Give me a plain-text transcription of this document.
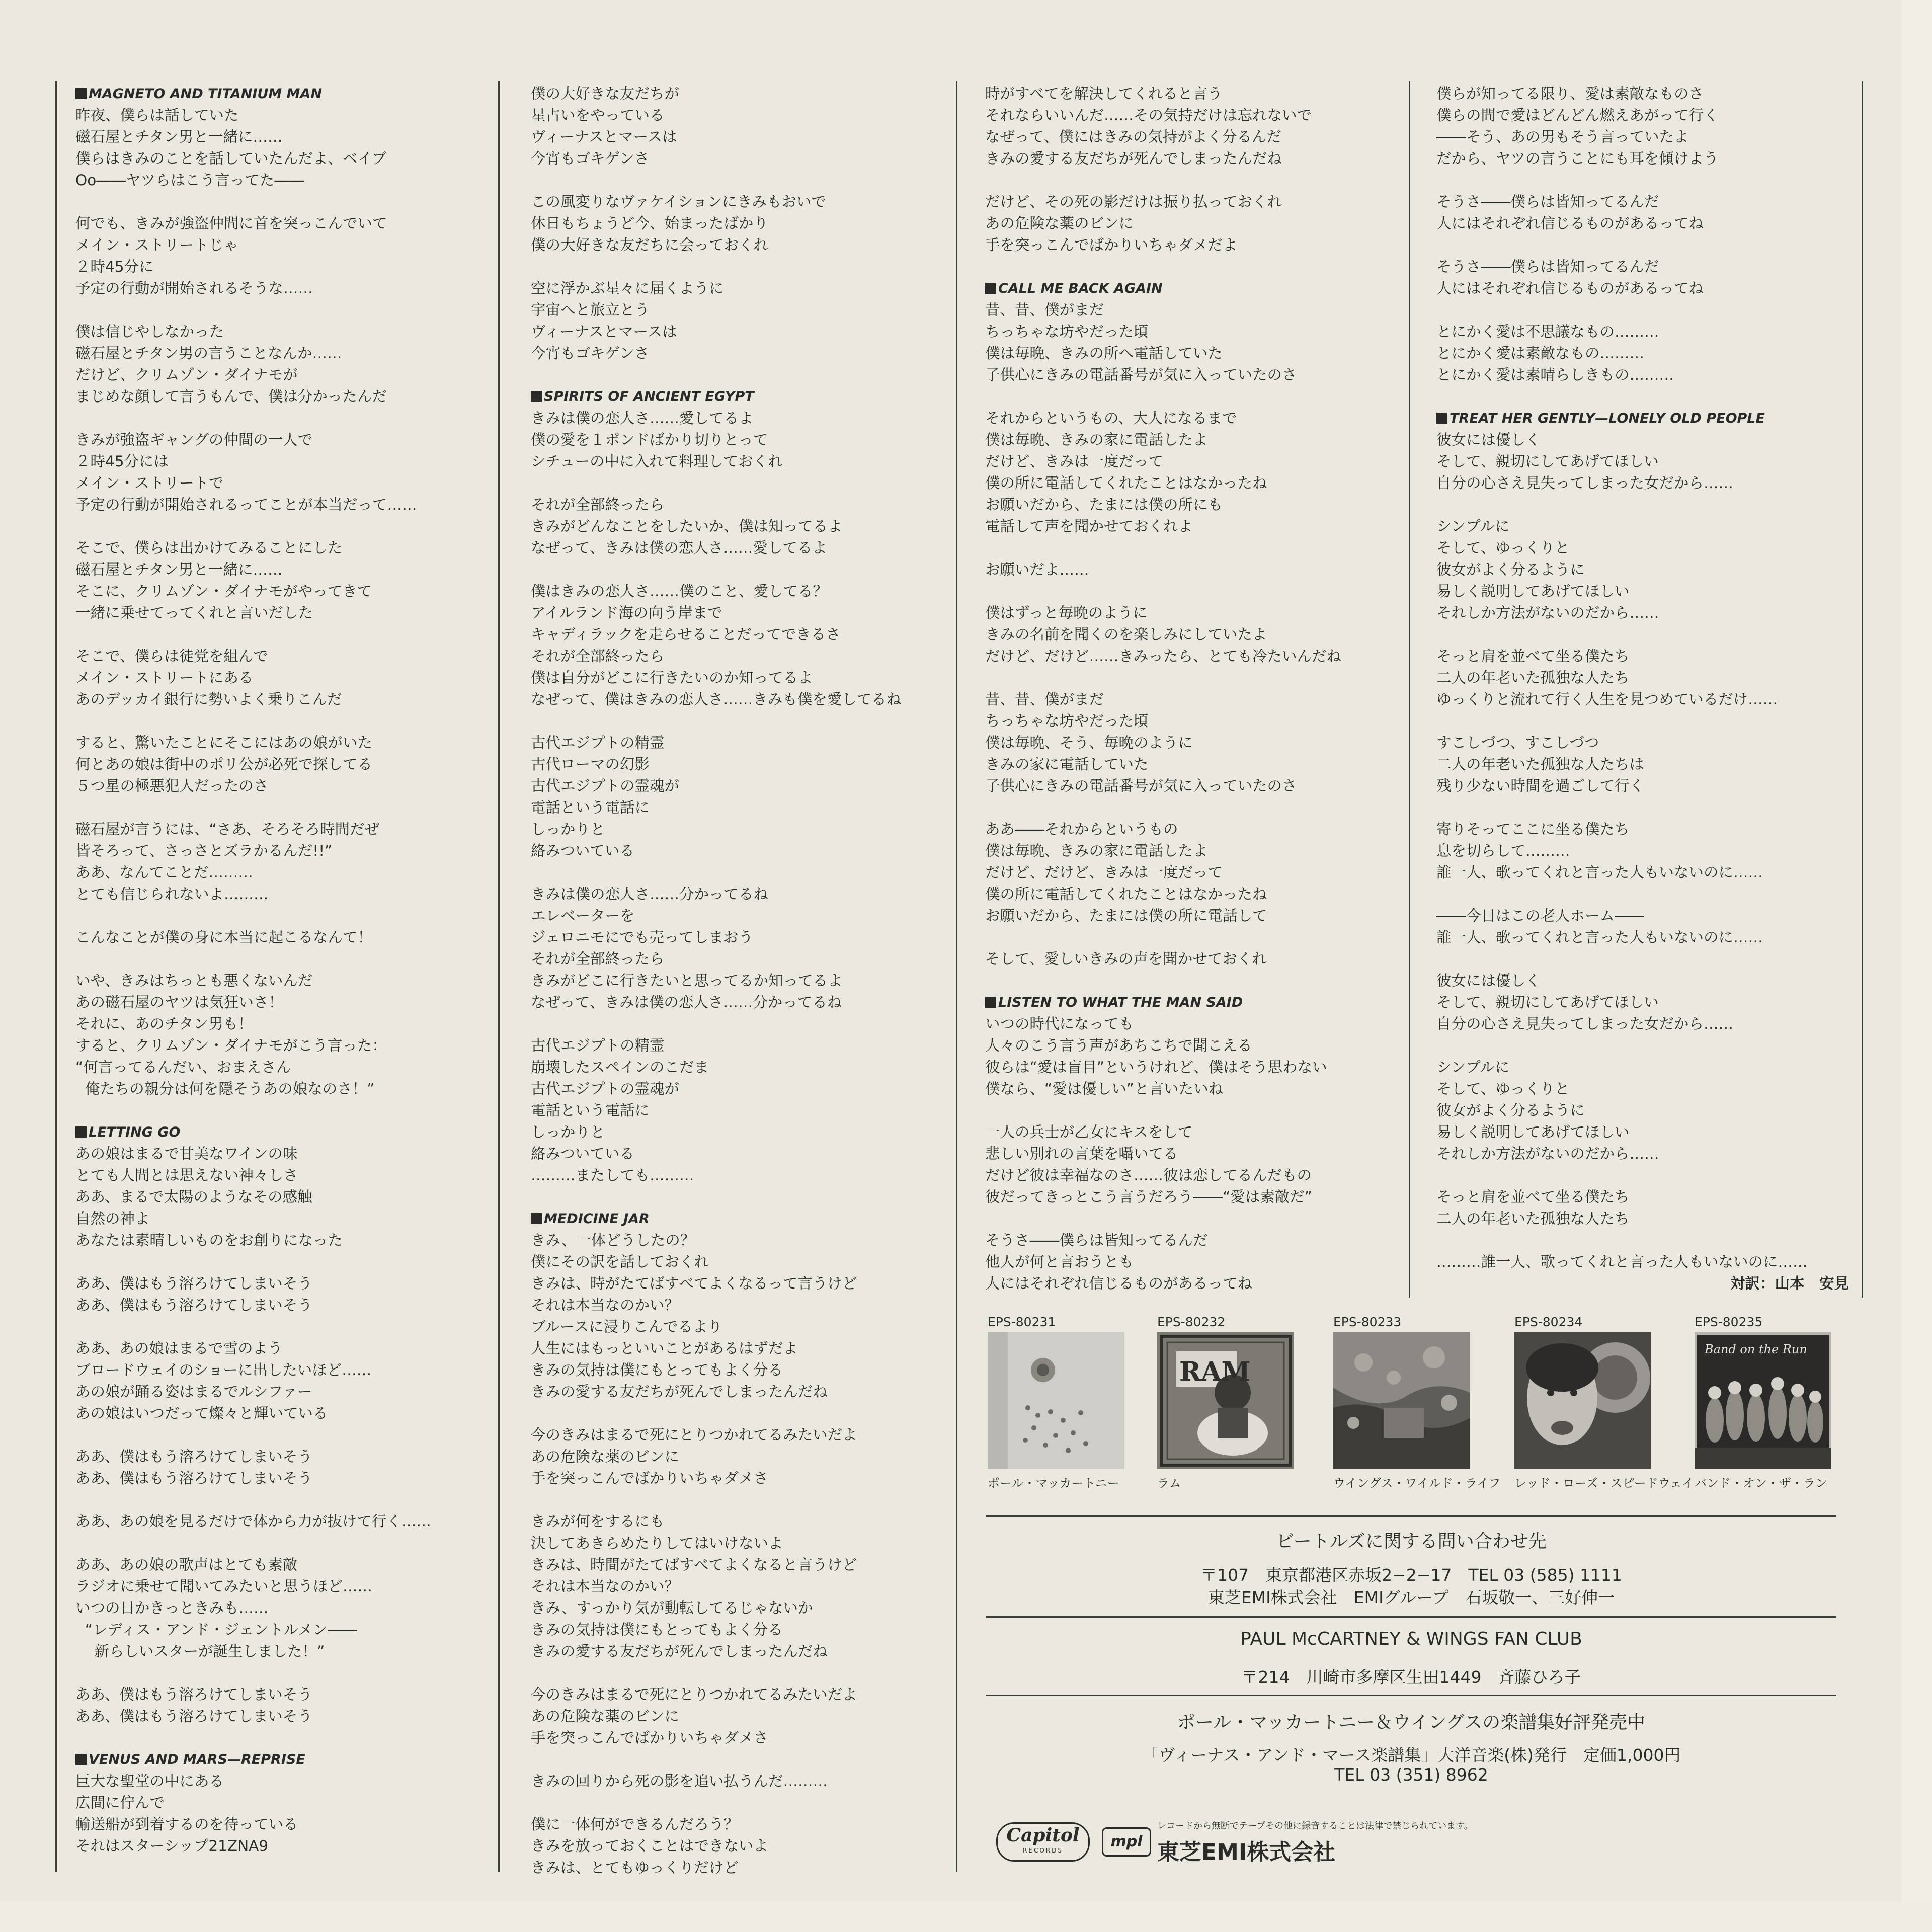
MAGNETO AND TITANIUM MAN
昨夜、僕らは話していた
磁石屋とチタン男と一緒に……
僕らはきみのことを話していたんだよ、ベイブ
Oo――ヤツらはこう言ってた――
何でも、きみが強盗仲間に首を突っこんでいて
メイン・ストリートじゃ
２時45分に
予定の行動が開始されるそうな……
僕は信じやしなかった
磁石屋とチタン男の言うことなんか……
だけど、クリムゾン・ダイナモが
まじめな顔して言うもんで、僕は分かったんだ
きみが強盗ギャングの仲間の一人で
２時45分には
メイン・ストリートで
予定の行動が開始されるってことが本当だって……
そこで、僕らは出かけてみることにした
磁石屋とチタン男と一緒に……
そこに、クリムゾン・ダイナモがやってきて
一緒に乗せてってくれと言いだした
そこで、僕らは徒党を組んで
メイン・ストリートにある
あのデッカイ銀行に勢いよく乗りこんだ
すると、驚いたことにそこにはあの娘がいた
何とあの娘は街中のポリ公が必死で探してる
５つ星の極悪犯人だったのさ
磁石屋が言うには、“さあ、そろそろ時間だぜ
皆そろって、さっさとズラかるんだ!!”
ああ、なんてことだ………
とても信じられないよ………
こんなことが僕の身に本当に起こるなんて！
いや、きみはちっとも悪くないんだ
あの磁石屋のヤツは気狂いさ！
それに、あのチタン男も！
すると、クリムゾン・ダイナモがこう言った：
“何言ってるんだい、おまえさん
俺たちの親分は何を隠そうあの娘なのさ！”
LETTING GO
あの娘はまるで甘美なワインの味
とても人間とは思えない神々しさ
ああ、まるで太陽のようなその感触
自然の神よ
あなたは素晴しいものをお創りになった
ああ、僕はもう溶ろけてしまいそう
ああ、僕はもう溶ろけてしまいそう
ああ、あの娘はまるで雪のよう
ブロードウェイのショーに出したいほど……
あの娘が踊る姿はまるでルシファー
あの娘はいつだって燦々と輝いている
ああ、僕はもう溶ろけてしまいそう
ああ、僕はもう溶ろけてしまいそう
ああ、あの娘を見るだけで体から力が抜けて行く……
ああ、あの娘の歌声はとても素敵
ラジオに乗せて聞いてみたいと思うほど……
いつの日かきっときみも……
“レディス・アンド・ジェントルメン――
新らしいスターが誕生しました！”
ああ、僕はもう溶ろけてしまいそう
ああ、僕はもう溶ろけてしまいそう
VENUS AND MARS—REPRISE
巨大な聖堂の中にある
広間に佇んで
輸送船が到着するのを待っている
それはスターシップ21ZNA9
僕の大好きな友だちが
星占いをやっている
ヴィーナスとマースは
今宵もゴキゲンさ
この風変りなヴァケイションにきみもおいで
休日もちょうど今、始まったばかり
僕の大好きな友だちに会っておくれ
空に浮かぶ星々に届くように
宇宙へと旅立とう
ヴィーナスとマースは
今宵もゴキゲンさ
SPIRITS OF ANCIENT EGYPT
きみは僕の恋人さ……愛してるよ
僕の愛を１ポンドばかり切りとって
シチューの中に入れて料理しておくれ
それが全部終ったら
きみがどんなことをしたいか、僕は知ってるよ
なぜって、きみは僕の恋人さ……愛してるよ
僕はきみの恋人さ……僕のこと、愛してる？
アイルランド海の向う岸まで
キャディラックを走らせることだってできるさ
それが全部終ったら
僕は自分がどこに行きたいのか知ってるよ
なぜって、僕はきみの恋人さ……きみも僕を愛してるね
古代エジプトの精霊
古代ローマの幻影
古代エジプトの霊魂が
電話という電話に
しっかりと
絡みついている
きみは僕の恋人さ……分かってるね
エレベーターを
ジェロニモにでも売ってしまおう
それが全部終ったら
きみがどこに行きたいと思ってるか知ってるよ
なぜって、きみは僕の恋人さ……分かってるね
古代エジプトの精霊
崩壊したスペインのこだま
古代エジプトの霊魂が
電話という電話に
しっかりと
絡みついている
………またしても………
MEDICINE JAR
きみ、一体どうしたの？
僕にその訳を話しておくれ
きみは、時がたてばすべてよくなるって言うけど
それは本当なのかい？
ブルースに浸りこんでるより
人生にはもっといいことがあるはずだよ
きみの気持は僕にもとってもよく分る
きみの愛する友だちが死んでしまったんだね
今のきみはまるで死にとりつかれてるみたいだよ
あの危険な薬のビンに
手を突っこんでばかりいちゃダメさ
きみが何をするにも
決してあきらめたりしてはいけないよ
きみは、時間がたてばすべてよくなると言うけど
それは本当なのかい？
きみ、すっかり気が動転してるじゃないか
きみの気持は僕にもとってもよく分る
きみの愛する友だちが死んでしまったんだね
今のきみはまるで死にとりつかれてるみたいだよ
あの危険な薬のビンに
手を突っこんでばかりいちゃダメさ
きみの回りから死の影を追い払うんだ………
僕に一体何ができるんだろう？
きみを放っておくことはできないよ
きみは、とてもゆっくりだけど
時がすべてを解決してくれると言う
それならいいんだ……その気持だけは忘れないで
なぜって、僕にはきみの気持がよく分るんだ
きみの愛する友だちが死んでしまったんだね
だけど、その死の影だけは振り払っておくれ
あの危険な薬のビンに
手を突っこんでばかりいちゃダメだよ
CALL ME BACK AGAIN
昔、昔、僕がまだ
ちっちゃな坊やだった頃
僕は毎晩、きみの所へ電話していた
子供心にきみの電話番号が気に入っていたのさ
それからというもの、大人になるまで
僕は毎晩、きみの家に電話したよ
だけど、きみは一度だって
僕の所に電話してくれたことはなかったね
お願いだから、たまには僕の所にも
電話して声を聞かせておくれよ
お願いだよ……
僕はずっと毎晩のように
きみの名前を聞くのを楽しみにしていたよ
だけど、だけど……きみったら、とても冷たいんだね
昔、昔、僕がまだ
ちっちゃな坊やだった頃
僕は毎晩、そう、毎晩のように
きみの家に電話していた
子供心にきみの電話番号が気に入っていたのさ
ああ――それからというもの
僕は毎晩、きみの家に電話したよ
だけど、だけど、きみは一度だって
僕の所に電話してくれたことはなかったね
お願いだから、たまには僕の所に電話して
そして、愛しいきみの声を聞かせておくれ
LISTEN TO WHAT THE MAN SAID
いつの時代になっても
人々のこう言う声があちこちで聞こえる
彼らは“愛は盲目”というけれど、僕はそう思わない
僕なら、“愛は優しい”と言いたいね
一人の兵士が乙女にキスをして
悲しい別れの言葉を囁いてる
だけど彼は幸福なのさ……彼は恋してるんだもの
彼だってきっとこう言うだろう――“愛は素敵だ”
そうさ――僕らは皆知ってるんだ
他人が何と言おうとも
人にはそれぞれ信じるものがあるってね
僕らが知ってる限り、愛は素敵なものさ
僕らの間で愛はどんどん燃えあがって行く
――そう、あの男もそう言っていたよ
だから、ヤツの言うことにも耳を傾けよう
そうさ――僕らは皆知ってるんだ
人にはそれぞれ信じるものがあるってね
そうさ――僕らは皆知ってるんだ
人にはそれぞれ信じるものがあるってね
とにかく愛は不思議なもの………
とにかく愛は素敵なもの………
とにかく愛は素晴らしきもの………
TREAT HER GENTLY—LONELY OLD PEOPLE
彼女には優しく
そして、親切にしてあげてほしい
自分の心さえ見失ってしまった女だから……
シンプルに
そして、ゆっくりと
彼女がよく分るように
易しく説明してあげてほしい
それしか方法がないのだから……
そっと肩を並べて坐る僕たち
二人の年老いた孤独な人たち
ゆっくりと流れて行く人生を見つめているだけ……
すこしづつ、すこしづつ
二人の年老いた孤独な人たちは
残り少ない時間を過ごして行く
寄りそってここに坐る僕たち
息を切らして………
誰一人、歌ってくれと言った人もいないのに……
――今日はこの老人ホーム――
誰一人、歌ってくれと言った人もいないのに……
彼女には優しく
そして、親切にしてあげてほしい
自分の心さえ見失ってしまった女だから……
シンプルに
そして、ゆっくりと
彼女がよく分るように
易しく説明してあげてほしい
それしか方法がないのだから……
そっと肩を並べて坐る僕たち
二人の年老いた孤独な人たち
………誰一人、歌ってくれと言った人もいないのに……
対訳：山本　安見
EPS-80231
ポール・マッカートニー
EPS-80232
RAM
ラム
EPS-80233
ウイングス・ワイルド・ライフ
EPS-80234
レッド・ローズ・スピードウェイ
EPS-80235
Band on the Run
バンド・オン・ザ・ラン
ビートルズに関する問い合わせ先
〒107　東京都港区赤坂2−2−17　TEL 03 (585) 1111
東芝EMI株式会社　EMIグループ　石坂敬一、三好伸一
PAUL McCARTNEY & WINGS FAN CLUB
〒214　川崎市多摩区生田1449　斉藤ひろ子
ポール・マッカートニー＆ウイングスの楽譜集好評発売中
「ヴィーナス・アンド・マース楽譜集」大洋音楽(株)発行　定価1,000円
TEL 03 (351) 8962
Capitol
RECORDS	mpl 東芝EMI株式会社
レコードから無断でテープその他に録音することは法律で禁じられています。
